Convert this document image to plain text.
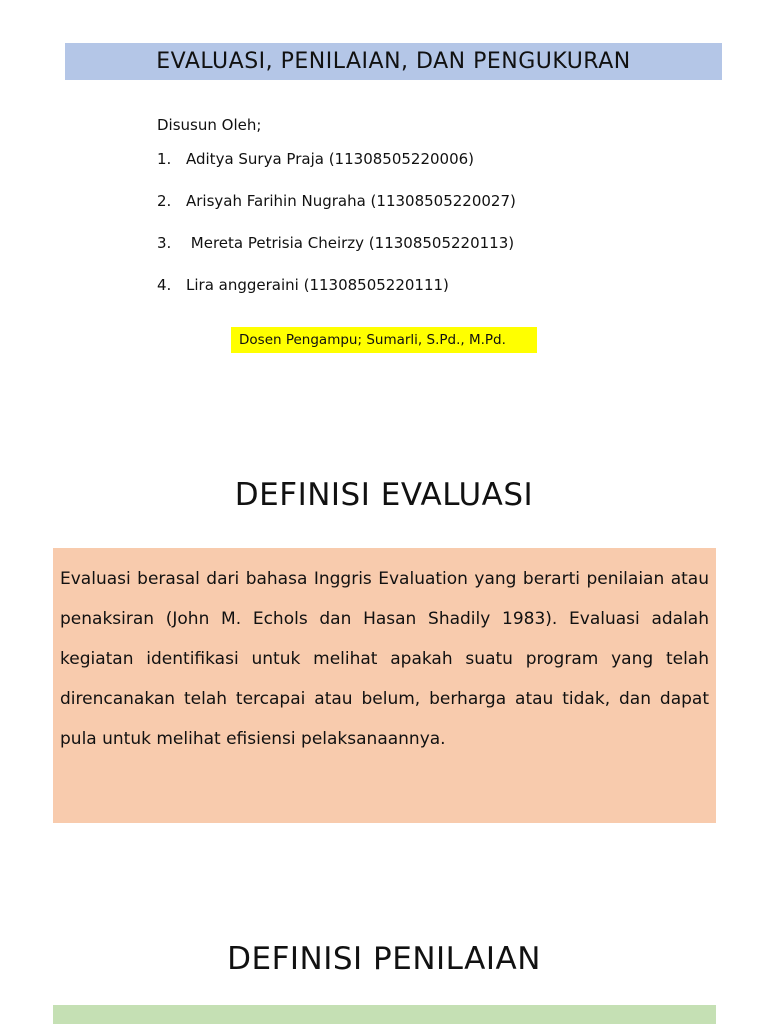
EVALUASI, PENILAIAN, DAN PENGUKURAN

Disusun Oleh;

1. Aditya Surya Praja (11308505220006)
2. Arisyah Farihin Nugraha (11308505220027)
3. Mereta Petrisia Cheirzy (11308505220113)
4. Lira anggeraini (11308505220111)
Dosen Pengampu; Sumarli, S.Pd., M.Pd.
DEFINISI EVALUASI
Evaluasi berasal dari bahasa Inggris Evaluation yang berarti penilaian atau penaksiran (John M. Echols dan Hasan Shadily 1983). Evaluasi adalah kegiatan identifikasi untuk melihat apakah suatu program yang telah direncanakan telah tercapai atau belum, berharga atau tidak, dan dapat pula untuk melihat efisiensi pelaksanaannya.
DEFINISI PENILAIAN
